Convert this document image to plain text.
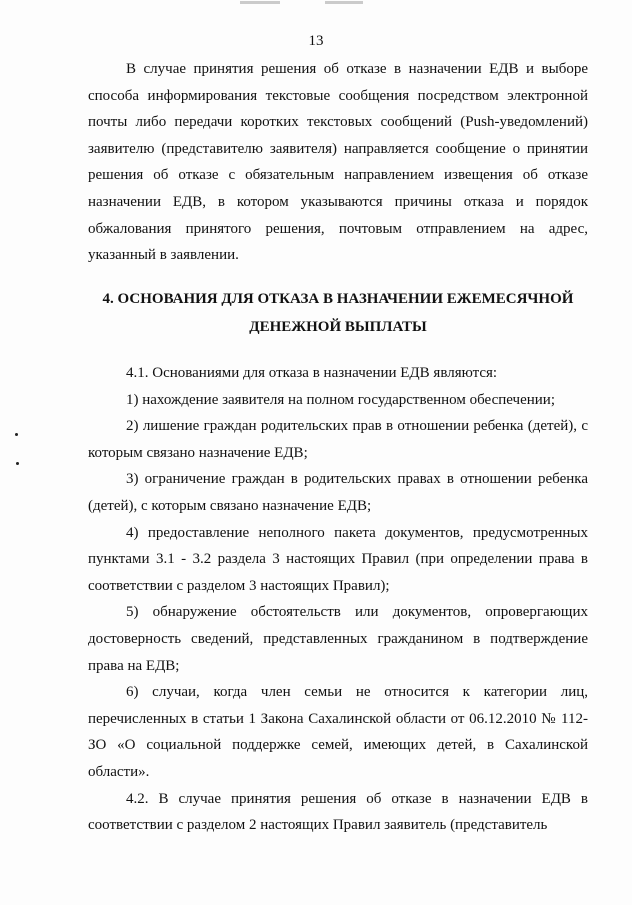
13

В случае принятия решения об отказе в назначении ЕДВ и выборе способа информирования текстовые сообщения посредством электронной почты либо передачи коротких текстовых сообщений (Push-уведомлений) заявителю (представителю заявителя) направляется сообщение о принятии решения об отказе с обязательным направлением извещения об отказе назначении ЕДВ, в котором указываются причины отказа и порядок обжалования принятого решения, почтовым отправлением на адрес, указанный в заявлении.

4. ОСНОВАНИЯ ДЛЯ ОТКАЗА В НАЗНАЧЕНИИ ЕЖЕМЕСЯЧНОЙ
ДЕНЕЖНОЙ ВЫПЛАТЫ

4.1. Основаниями для отказа в назначении ЕДВ являются:

1) нахождение заявителя на полном государственном обеспечении;

2) лишение граждан родительских прав в отношении ребенка (детей), с которым связано назначение ЕДВ;

3) ограничение граждан в родительских правах в отношении ребенка (детей), с которым связано назначение ЕДВ;

4) предоставление неполного пакета документов, предусмотренных пунктами 3.1 - 3.2 раздела 3 настоящих Правил (при определении права в соответствии с разделом 3 настоящих Правил);

5) обнаружение обстоятельств или документов, опровергающих достоверность сведений, представленных гражданином в подтверждение права на ЕДВ;

6) случаи, когда член семьи не относится к категории лиц, перечисленных в статьи 1 Закона Сахалинской области от 06.12.2010 № 112-ЗО «О социальной поддержке семей, имеющих детей, в Сахалинской области».

4.2. В случае принятия решения об отказе в назначении ЕДВ в соответствии с разделом 2 настоящих Правил заявитель (представитель
